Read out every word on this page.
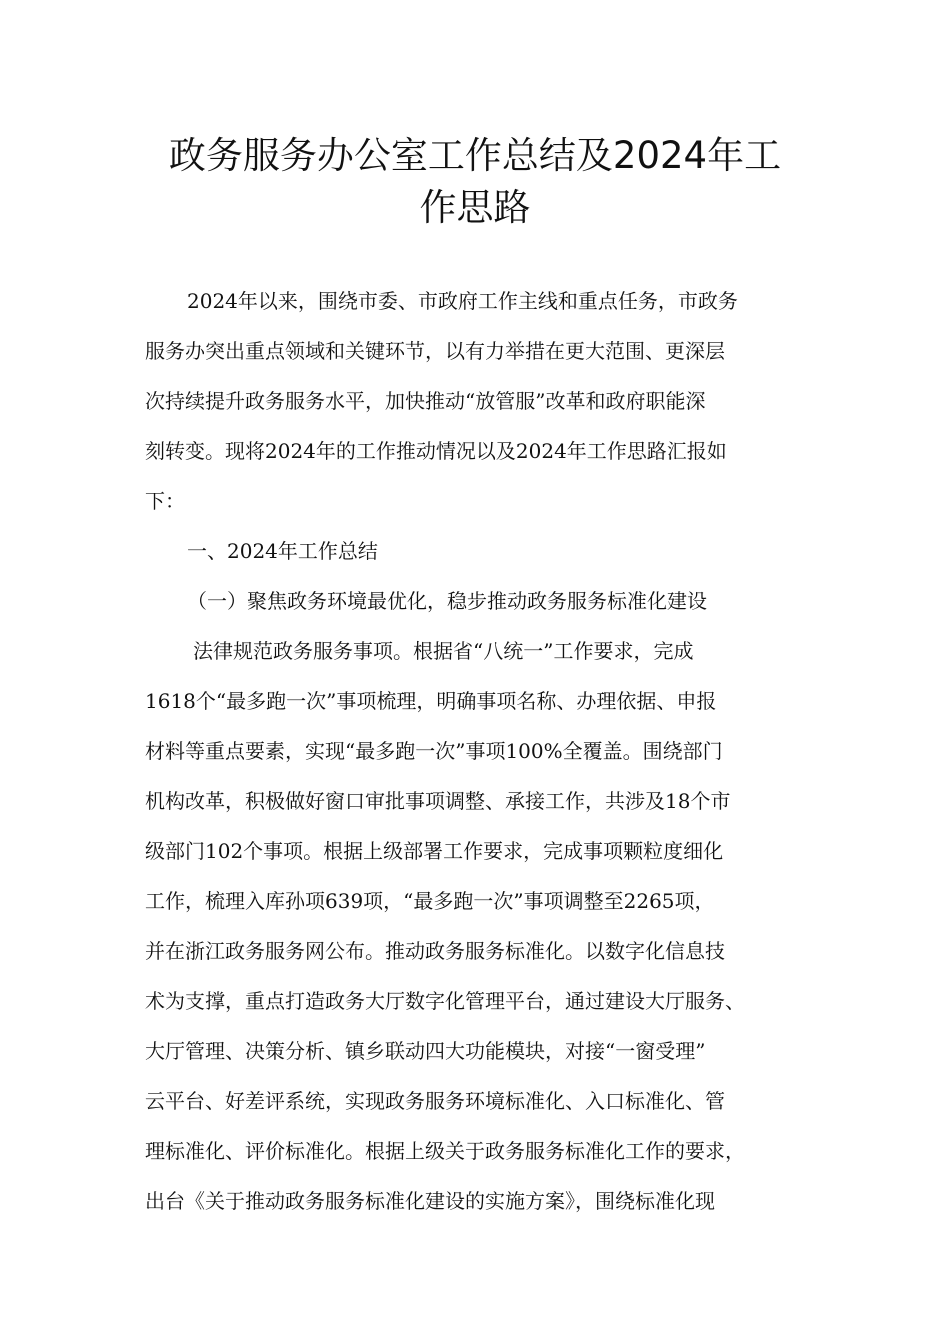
政务服务办公室工作总结及2024年工
作思路

2024年以来，围绕市委、市政府工作主线和重点任务，市政务

服务办突出重点领域和关键环节，以有力举措在更大范围、更深层

次持续提升政务服务水平，加快推动“放管服”改革和政府职能深

刻转变。现将2024年的工作推动情况以及2024年工作思路汇报如

下：

一、2024年工作总结

（一）聚焦政务环境最优化，稳步推动政务服务标准化建设

法律规范政务服务事项。根据省“八统一”工作要求，完成

1618个“最多跑一次”事项梳理，明确事项名称、办理依据、申报

材料等重点要素，实现“最多跑一次”事项100%全覆盖。围绕部门

机构改革，积极做好窗口审批事项调整、承接工作，共涉及18个市

级部门102个事项。根据上级部署工作要求，完成事项颗粒度细化

工作，梳理入库孙项639项，“最多跑一次”事项调整至2265项，

并在浙江政务服务网公布。推动政务服务标准化。以数字化信息技

术为支撑，重点打造政务大厅数字化管理平台，通过建设大厅服务、

大厅管理、决策分析、镇乡联动四大功能模块，对接“一窗受理”

云平台、好差评系统，实现政务服务环境标准化、入口标准化、管

理标准化、评价标准化。根据上级关于政务服务标准化工作的要求，

出台《关于推动政务服务标准化建设的实施方案》，围绕标准化现
